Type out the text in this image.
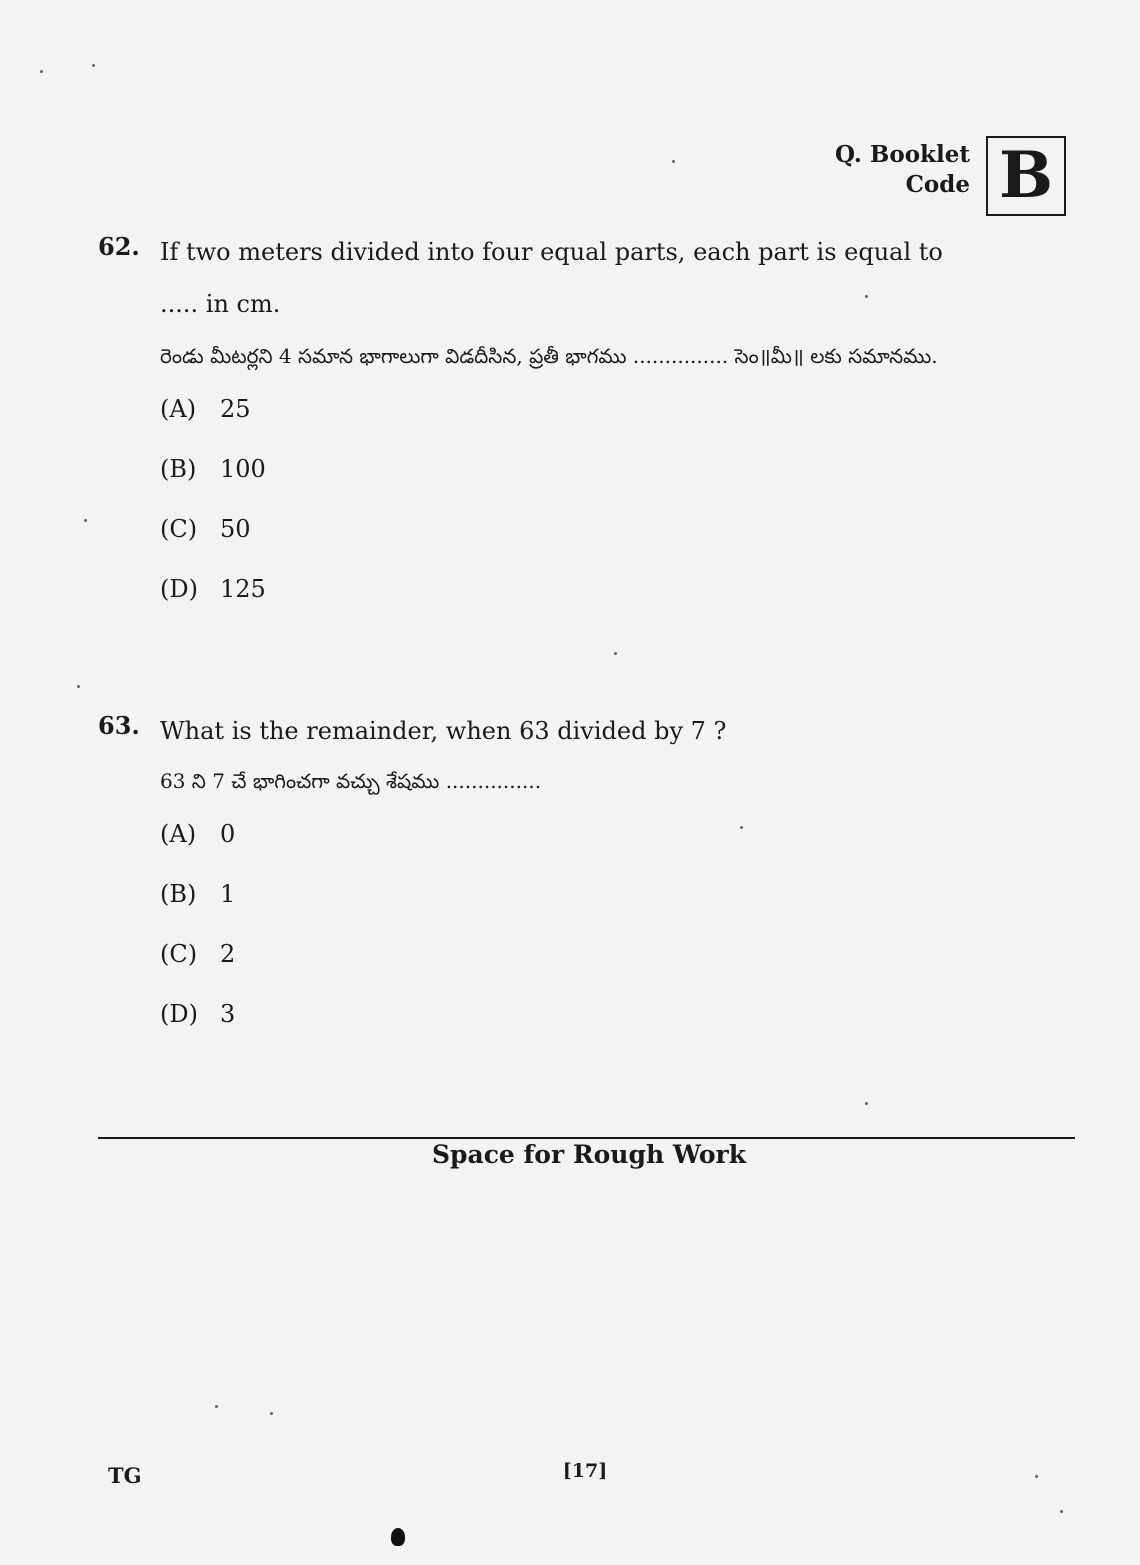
Q. Booklet
Code B
62. If two meters divided into four equal parts, each part is equal to ..... in cm.
రెండు మీటర్లని 4 సమాన భాగాలుగా విడదీసిన, ప్రతీ భాగము ............... సెం॥మీ॥ లకు సమానము.
(A) 25
(B) 100
(C) 50
(D) 125
63. What is the remainder, when 63 divided by 7 ?
63 ని 7 చే భాగించగా వచ్చు శేషము ...............
(A) 0
(B) 1
(C) 2
(D) 3
Space for Rough Work
TG	[17]
